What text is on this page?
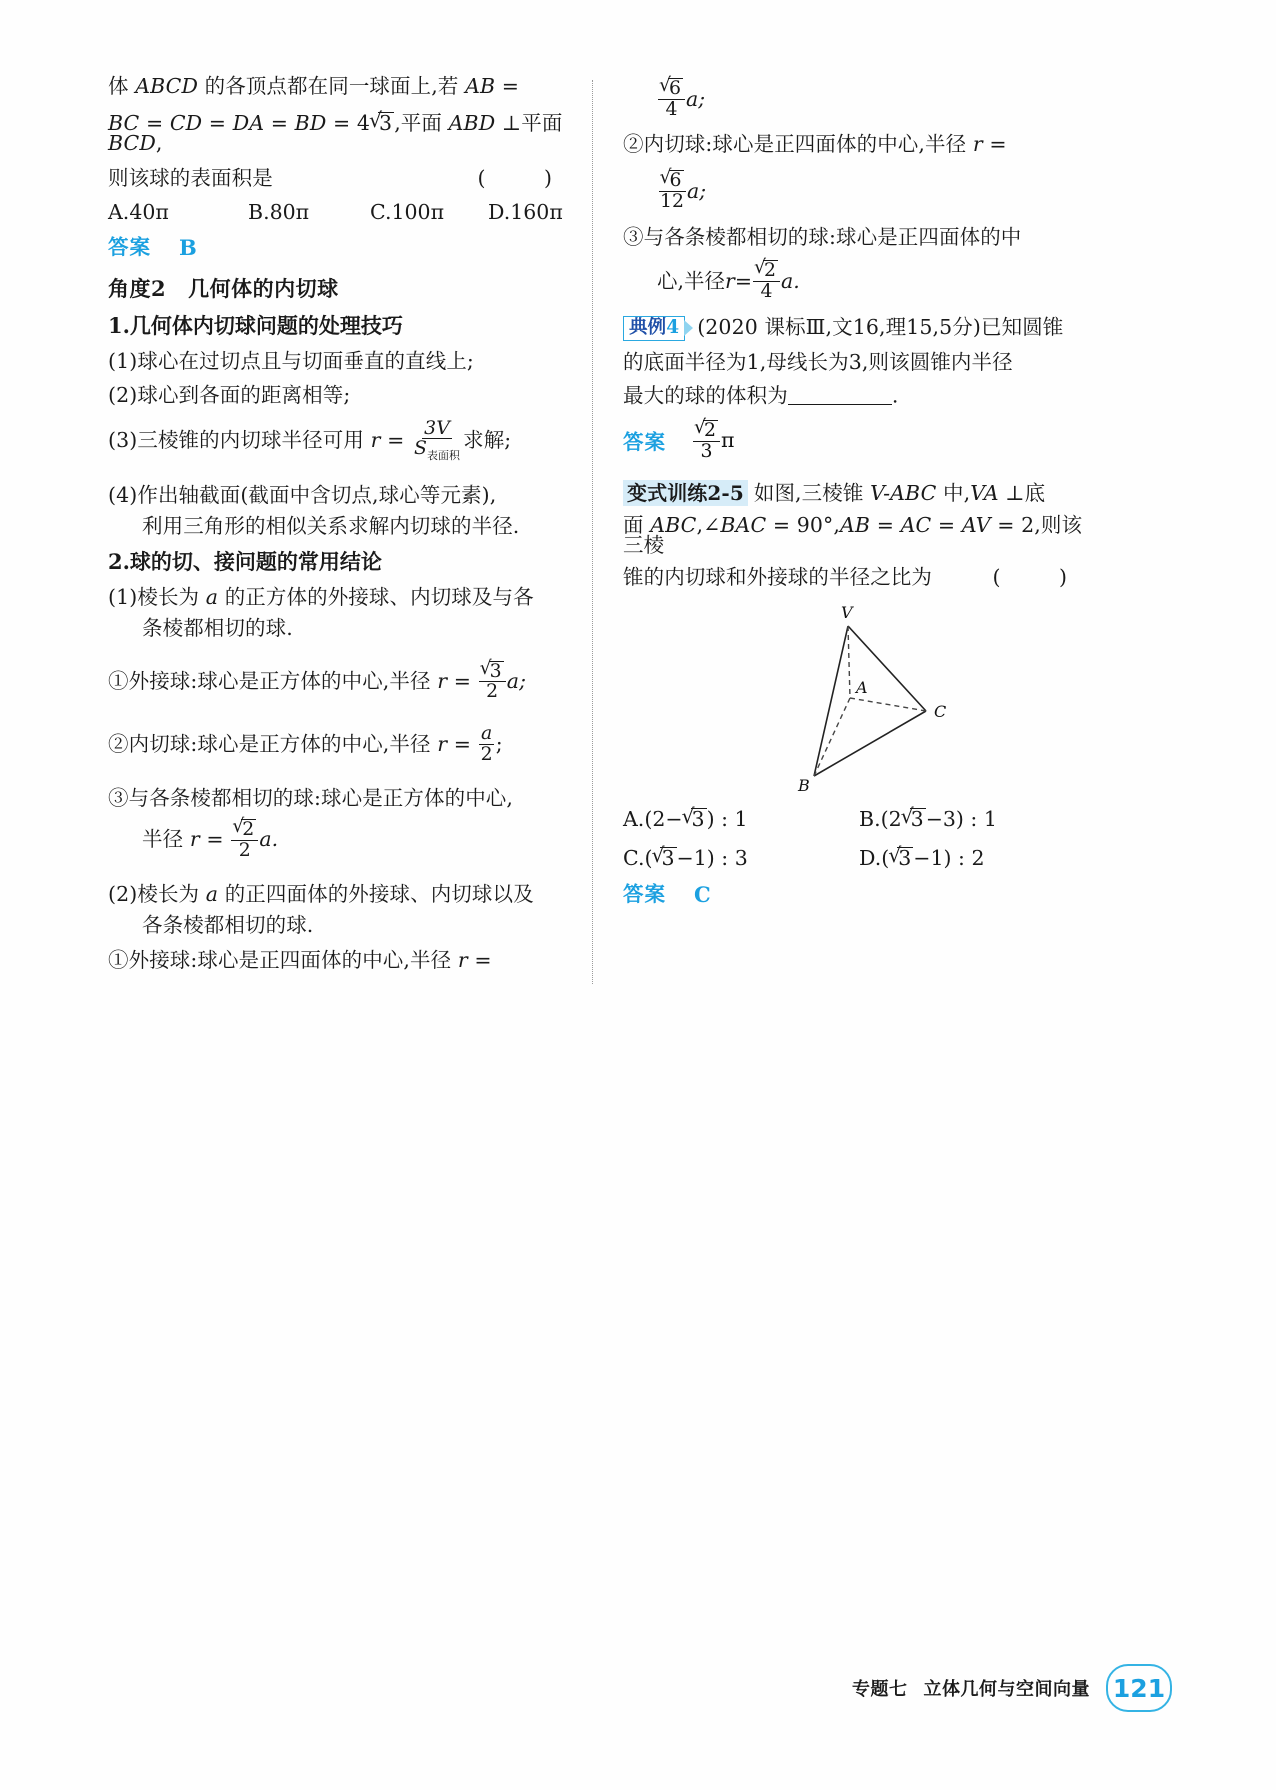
体 ABCD 的各顶点都在同一球面上,若 AB =
BC = CD = DA = BD = 4 √ 3,平面 ABD ⊥平面 BCD,
则该球的表面积是	( )
A.40π	B.80π	C.100π	D.160π
答案 B
角度2 几何体的内切球
1.几何体内切球问题的处理技巧
(1)球心在过切点且与切面垂直的直线上;
(2)球心到各面的距离相等;
(3)三棱锥的内切球半径可用 $r = \frac{3V}{S_{表面积}}$ 求解;
(4)作出轴截面(截面中含切点,球心等元素),
利用三角形的相似关系求解内切球的半径.
2.球的切、接问题的常用结论
(1)棱长为 a 的正方体的外接球、内切球及与各
条棱都相切的球.
①外接球:球心是正方体的中心,半径 r = √ $\frac{3}{2} a$;
②内切球:球心是正方体的中心,半径 $r = \frac{a}{2}$ ;
③与各条棱都相切的球:球心是正方体的中心,
半径 r = √ $\frac{2}{2} a$.
(2)棱长为 a 的正四面体的外接球、内切球以及
各条棱都相切的球.
①外接球:球心是正四面体的中心,半径 r =
√ $\frac{6}{4} a$;
②内切球:球心是正四面体的中心,半径 r =
√ $\frac{6}{12} a$;
③与各条棱都相切的球:球心是正四面体的中
心,半径 r = √ $\frac{2}{4} a$.
典例4 (2020 课标Ⅲ,文16,理15,5分)已知圆锥
的底面半径为1,母线长为3,则该圆锥内半径
最大的球的体积为	.
答案 √ $\frac{2}{3}$ π
变式训练2-5 如图,三棱锥 V-ABC 中,VA ⊥底
面 ABC,∠BAC = 90°,AB = AC = AV = 2,则该三棱
锥的内切球和外接球的半径之比为	( )
V
A
B
C
A.(2− √ 3) : 1	B.(2 √ 3−3) : 1
C.( √ 3−1) : 3	D.( √ 3−1) : 2
答案 C
专题七 立体几何与空间向量 121
